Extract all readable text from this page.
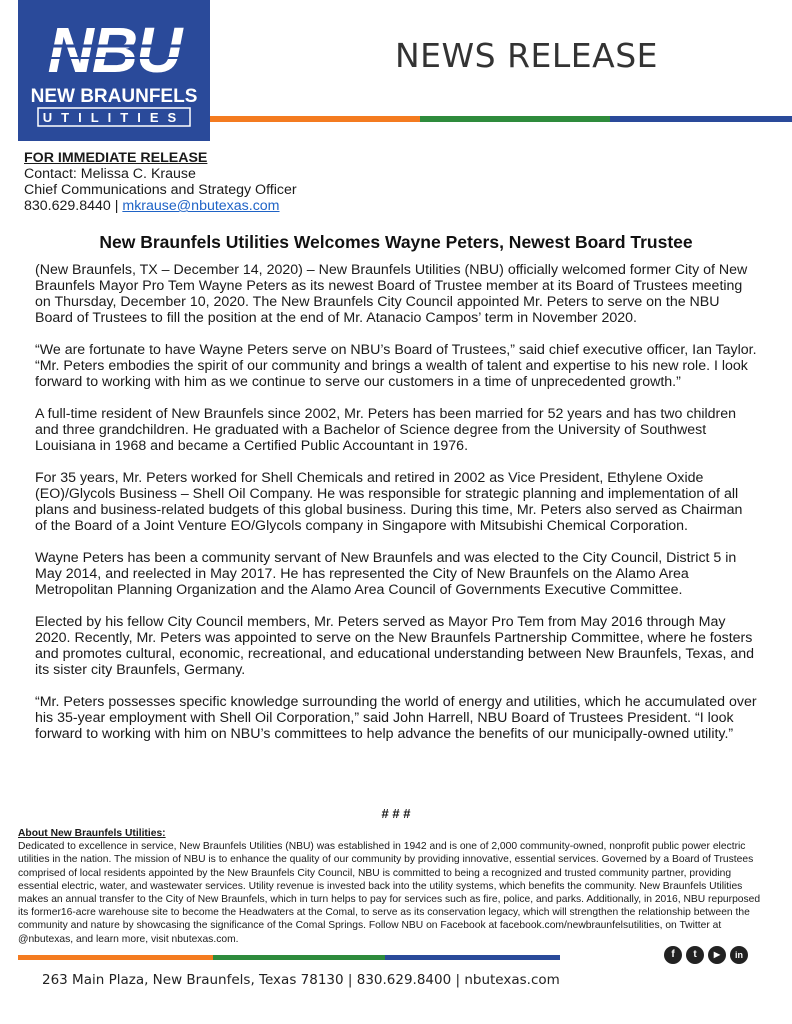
NBU
NEW BRAUNFELS
UTILITIES
NEWS RELEASE
FOR IMMEDIATE RELEASE
Contact: Melissa C. Krause
Chief Communications and Strategy Officer
830.629.8440 | mkrause@nbutexas.com
New Braunfels Utilities Welcomes Wayne Peters, Newest Board Trustee

(New Braunfels, TX – December 14, 2020) – New Braunfels Utilities (NBU) officially welcomed former City of New Braunfels Mayor Pro Tem Wayne Peters as its newest Board of Trustee member at its Board of Trustees meeting on Thursday, December 10, 2020. The New Braunfels City Council appointed Mr. Peters to serve on the NBU Board of Trustees to fill the position at the end of Mr. Atanacio Campos’ term in November 2020.

“We are fortunate to have Wayne Peters serve on NBU’s Board of Trustees,” said chief executive officer, Ian Taylor. “Mr. Peters embodies the spirit of our community and brings a wealth of talent and expertise to his new role. I look forward to working with him as we continue to serve our customers in a time of unprecedented growth.”

A full-time resident of New Braunfels since 2002, Mr. Peters has been married for 52 years and has two children and three grandchildren. He graduated with a Bachelor of Science degree from the University of Southwest Louisiana in 1968 and became a Certified Public Accountant in 1976.

For 35 years, Mr. Peters worked for Shell Chemicals and retired in 2002 as Vice President, Ethylene Oxide (EO)/Glycols Business – Shell Oil Company. He was responsible for strategic planning and implementation of all plans and business-related budgets of this global business. During this time, Mr. Peters also served as Chairman of the Board of a Joint Venture EO/Glycols company in Singapore with Mitsubishi Chemical Corporation.

Wayne Peters has been a community servant of New Braunfels and was elected to the City Council, District 5 in May 2014, and reelected in May 2017. He has represented the City of New Braunfels on the Alamo Area Metropolitan Planning Organization and the Alamo Area Council of Governments Executive Committee.

Elected by his fellow City Council members, Mr. Peters served as Mayor Pro Tem from May 2016 through May 2020. Recently, Mr. Peters was appointed to serve on the New Braunfels Partnership Committee, where he fosters and promotes cultural, economic, recreational, and educational understanding between New Braunfels, Texas, and its sister city Braunfels, Germany.

“Mr. Peters possesses specific knowledge surrounding the world of energy and utilities, which he accumulated over his 35-year employment with Shell Oil Corporation,” said John Harrell, NBU Board of Trustees President. “I look forward to working with him on NBU’s committees to help advance the benefits of our municipally-owned utility.”

# # #
About New Braunfels Utilities:
Dedicated to excellence in service, New Braunfels Utilities (NBU) was established in 1942 and is one of 2,000 community-owned, nonprofit public power electric utilities in the nation. The mission of NBU is to enhance the quality of our community by providing innovative, essential services. Governed by a Board of Trustees comprised of local residents appointed by the New Braunfels City Council, NBU is committed to being a recognized and trusted community partner, providing essential electric, water, and wastewater services. Utility revenue is invested back into the utility systems, which benefits the community. New Braunfels Utilities makes an annual transfer to the City of New Braunfels, which in turn helps to pay for services such as fire, police, and parks. Additionally, in 2016, NBU repurposed its former16-acre warehouse site to become the Headwaters at the Comal, to serve as its conservation legacy, which will strengthen the relationship between the community and nature by showcasing the significance of the Comal Springs. Follow NBU on Facebook at facebook.com/newbraunfelsutilities, on Twitter at @nbutexas, and learn more, visit nbutexas.com.
f	t	▶	in
263 Main Plaza, New Braunfels, Texas 78130 | 830.629.8400 | nbutexas.com
